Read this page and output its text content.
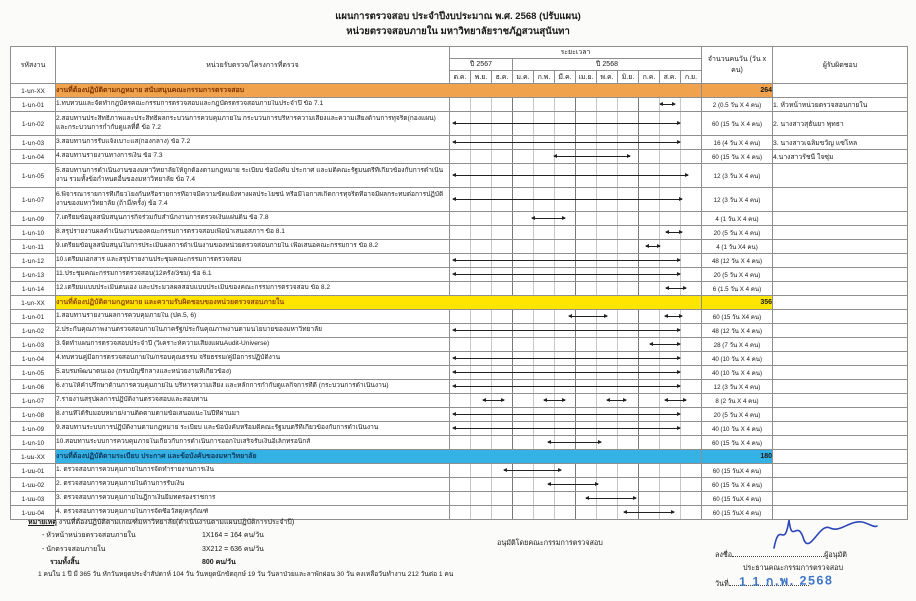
แผนการตรวจสอบ ประจำปีงบประมาณ พ.ศ. 2568 (ปรับแผน)
หน่วยตรวจสอบภายใน มหาวิทยาลัยราชภัฏสวนสุนันทา
รหัสงาน	หน่วยรับตรวจ/โครงการที่ตรวจ	ระยะเวลา												จำนวนคนวัน (วัน x คน)	ผู้รับผิดชอบ
		ปี 2567			ปี 2568										
		ต.ค.	พ.ย.	ธ.ค.	ม.ค.	ก.พ.	มี.ค.	เม.ย.	พ.ค.	มิ.ย.	ก.ค.	ส.ค.	ก.ย.		
1-บก-XX	งานที่ต้องปฏิบัติตามกฎหมาย สนับสนุนคณะกรรมการตรวจสอบ													264	
1-บก-01	1.ทบทวนและจัดทำกฎบัตรคณะกรรมการตรวจสอบและกฎบัตรตรวจสอบภายในประจำปี ข้อ 7.1													2 (0.5 วัน X 4 คน)	1. หัวหน้าหน่วยตรวจสอบภายใน
1-บก-02	2.สอบทานประสิทธิภาพและประสิทธิผลกระบวนการควบคุมภายใน กระบวนการบริหารความเสี่ยงและความเสี่ยงด้านการทุจริต(กองแผน) และกระบวนการกำกับดูแลที่ดี ข้อ 7.2													60 (15 วัน X 4 คน)	2. นางสาวสุธันยา พุทธา
1-บก-03	3.สอบทานการรับแจ้งเบาะแส(กองกลาง) ข้อ 7.2													16 (4 วัน X 4 คน)	3. นางสาวเฉลิมขวัญ แซ่โหล
1-บก-04	4.สอบทานรายงานทางการเงิน ข้อ 7.3													60 (15 วัน X 4 คน)	4.นางสาวรัชนี ใจซุ่ม
1-บก-05	5.สอบทานการดำเนินงานของมหาวิทยาลัยให้ถูกต้องตามกฎหมาย ระเบียบ ข้อบังคับ ประกาศ และมติคณะรัฐมนตรีที่เกี่ยวข้องกับการดำเนินงาน รวมทั้งข้อกำหนดอื่นของมหาวิทยาลัย ข้อ 7.4													12 (3 วัน X 4 คน)	
1-บก-07	6.พิจารณารายการที่เกี่ยวโยงกันหรือรายการที่อาจมีความขัดแย้งทางผลประโยชน์ หรือมีโอกาสเกิดการทุจริตที่อาจมีผลกระทบต่อการปฏิบัติงานของมหาวิทยาลัย (ถ้ามี/ครั้ง) ข้อ 7.4													12 (3 วัน X 4 คน)	
1-บก-09	7.เตรียมข้อมูลสนับสนุนภารกิจร่วมกับสำนักงานการตรวจเงินแผ่นดิน ข้อ 7.8													4 (1 วัน X 4 คน)	
1-บก-10	8.สรุปรายงานผลดำเนินงานของคณะกรรมการตรวจสอบเพื่อนำเสนอสภาฯ ข้อ 8.1													20 (5 วัน X 4 คน)	
1-บก-11	9.เตรียมข้อมูลสนับสนุนในการประเมินผลการดำเนินงานของหน่วยตรวจสอบภายใน เพื่อเสนอคณะกรรมการ ข้อ 8.2													4 (1 วัน X4 คน)	
1-บก-12	10.เตรียมเอกสาร และสรุปรายงานประชุมคณะกรรมการตรวจสอบ													48 (12 วัน X 4 คน)	
1-บก-13	11.ประชุมคณะกรรมการตรวจสอบ(12ครั้ง/3ชม) ข้อ 6.1													20 (5 วัน X 4 คน)	
1-บก-14	12.เตรียมแบบประเมินตนเอง และประมวลผลสอบแบบประเมินของคณะกรรมการตรวจสอบ ข้อ 8.2													6 (1.5 วัน X 4 คน)	
1-บก-XX	งานที่ต้องปฏิบัติตามกฎหมาย และความรับผิดชอบของหน่วยตรวจสอบภายใน													356	
1-บก-01	1.สอบทานรายงานผลการควบคุมภายใน (ปค.5, 6)													60 (15 วัน X4 คน)	
1-บก-02	2.ประกันคุณภาพงานตรวจสอบภายในภาครัฐ/ประกันคุณภาพงานตามนโยบายของมหาวิทยาลัย													48 (12 วัน X 4 คน)	
1-บก-03	3.จัดทำแผนการตรวจสอบประจำปี (วิเคราะห์ความเสี่ยงแผนAudit-Universe)													28 (7 วัน X 4 คน)	
1-บก-04	4.ทบทวนคู่มือการตรวจสอบภายใน/กรอบคุณธรรม จริยธรรม/คู่มือการปฏิบัติงาน													40 (10 วัน X 4 คน)	
1-บก-05	5.อบรมพัฒนาตนเอง (กรมบัญชีกลางและหน่วยงานที่เกี่ยวข้อง)													40 (10 วัน X 4 คน)	
1-บก-06	6.งานให้คำปรึกษาด้านการควบคุมภายใน บริหารความเสี่ยง และหลักการกำกับดูแลกิจการที่ดี (กระบวนการดำเนินงาน)													12 (3 วัน X 4 คน)	
1-บก-07	7.รายงานสรุปผลการปฏิบัติงานตรวจสอบและสอบทาน													8 (2 วัน X 4 คน)	
1-บก-08	8.งานที่ได้รับมอบหมาย/งานติดตามตามข้อเสนอแนะในปีที่ผ่านมา													20 (5 วัน X 4 คน)	
1-บก-09	9.สอบทานระบบการปฏิบัติงานตามกฎหมาย ระเบียบ และข้อบังคับหรือมติคณะรัฐมนตรีที่เกี่ยวข้องกับการดำเนินงาน													40 (10 วัน X 4 คน)	
1-บก-10	10.สอบทานระบบการควบคุมภายในเกี่ยวกับการดำเนินการออกใบเสร็จรับเงินอิเล็กทรอนิกส์													60 (15 วัน X 4 คน)	
1-บม-XX	งานที่ต้องปฏิบัติตามระเบียบ ประกาศ และข้อบังคับของมหาวิทยาลัย													180	
1-บม-01	1. ตรวจสอบการควบคุมภายในการจัดทำรายงานการเงิน													60 (15 วันX 4 คน)	
1-บม-02	2. ตรวจสอบการควบคุมภายในด้านการรับเงิน													60 (15 วัน X 4 คน)	
1-บม-03	3. ตรวจสอบการควบคุมภายในฎีกาเงินยืมทดรองราชการ													60 (15 วันX 4 คน)	
1-บม-04	4. ตรวจสอบการควบคุมภายในการจัดซื้อวัสดุ/ครุภัณฑ์													60 (15 วันX 4 คน)	
หมายเหตุ งานที่ต้องปฏิบัติตามเกณฑ์มหาวิทยาลัย(ดำเนินงานตามแผนปฏิบัติการประจำปี)
- หัวหน้าหน่วยตรวจสอบภายใน	1X164 = 164 คน/วัน
- นักตรวจสอบภายใน	3X212 = 636 คน/วัน
รวมทั้งสิ้น	800 คน/วัน
1 คนใน 1 ปี มี 365 วัน หักวันหยุดประจำสัปดาห์ 104 วัน วันหยุดนักขัตฤกษ์ 19 วัน วันลาป่วยและลาพักผ่อน 30 วัน คงเหลือวันทำงาน 212 วันต่อ 1 คน
อนุมัติโดยคณะกรรมการตรวจสอบ
ลงชื่อ	ผู้อนุมัติ
ประธานคณะกรรมการตรวจสอบ
วันที่ 1 1 ก.พ. 2568
